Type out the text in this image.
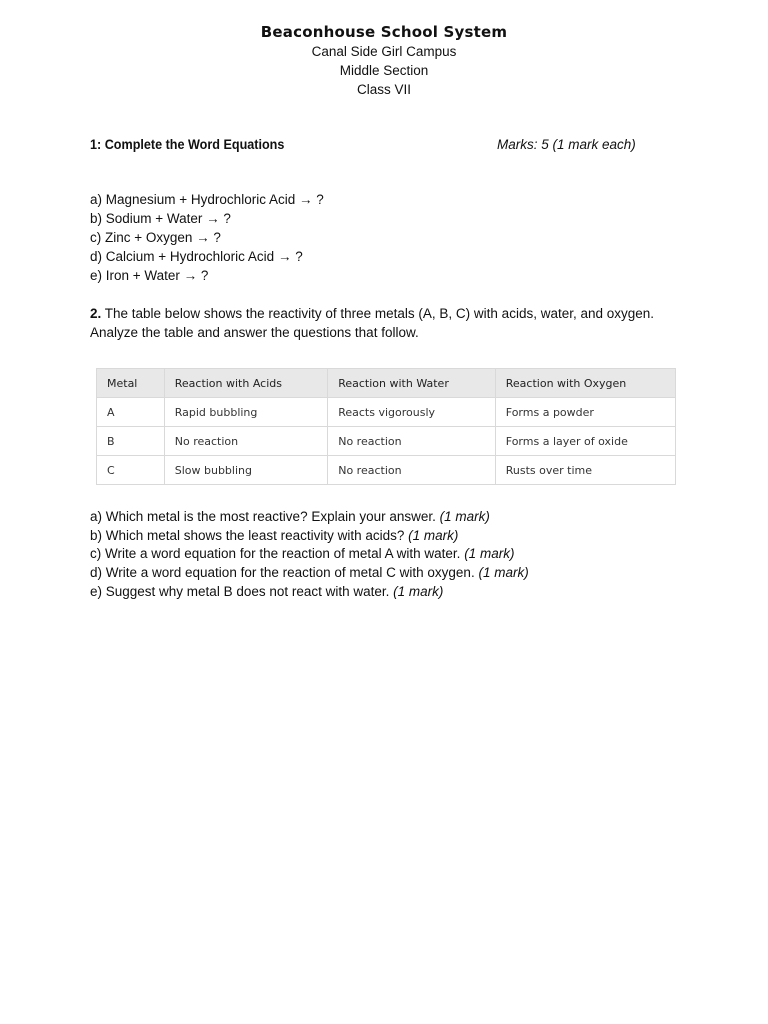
Beaconhouse School System
Canal Side Girl Campus
Middle Section
Class VII
1: Complete the Word Equations	Marks: 5 (1 mark each)
a) Magnesium + Hydrochloric Acid → ?
b) Sodium + Water → ?
c) Zinc + Oxygen → ?
d) Calcium + Hydrochloric Acid → ?
e) Iron + Water → ?
2. The table below shows the reactivity of three metals (A, B, C) with acids, water, and oxygen. Analyze the table and answer the questions that follow.
Metal	Reaction with Acids	Reaction with Water	Reaction with Oxygen
A	Rapid bubbling	Reacts vigorously	Forms a powder
B	No reaction	No reaction	Forms a layer of oxide
C	Slow bubbling	No reaction	Rusts over time
a) Which metal is the most reactive? Explain your answer. (1 mark)
b) Which metal shows the least reactivity with acids? (1 mark)
c) Write a word equation for the reaction of metal A with water. (1 mark)
d) Write a word equation for the reaction of metal C with oxygen. (1 mark)
e) Suggest why metal B does not react with water. (1 mark)
